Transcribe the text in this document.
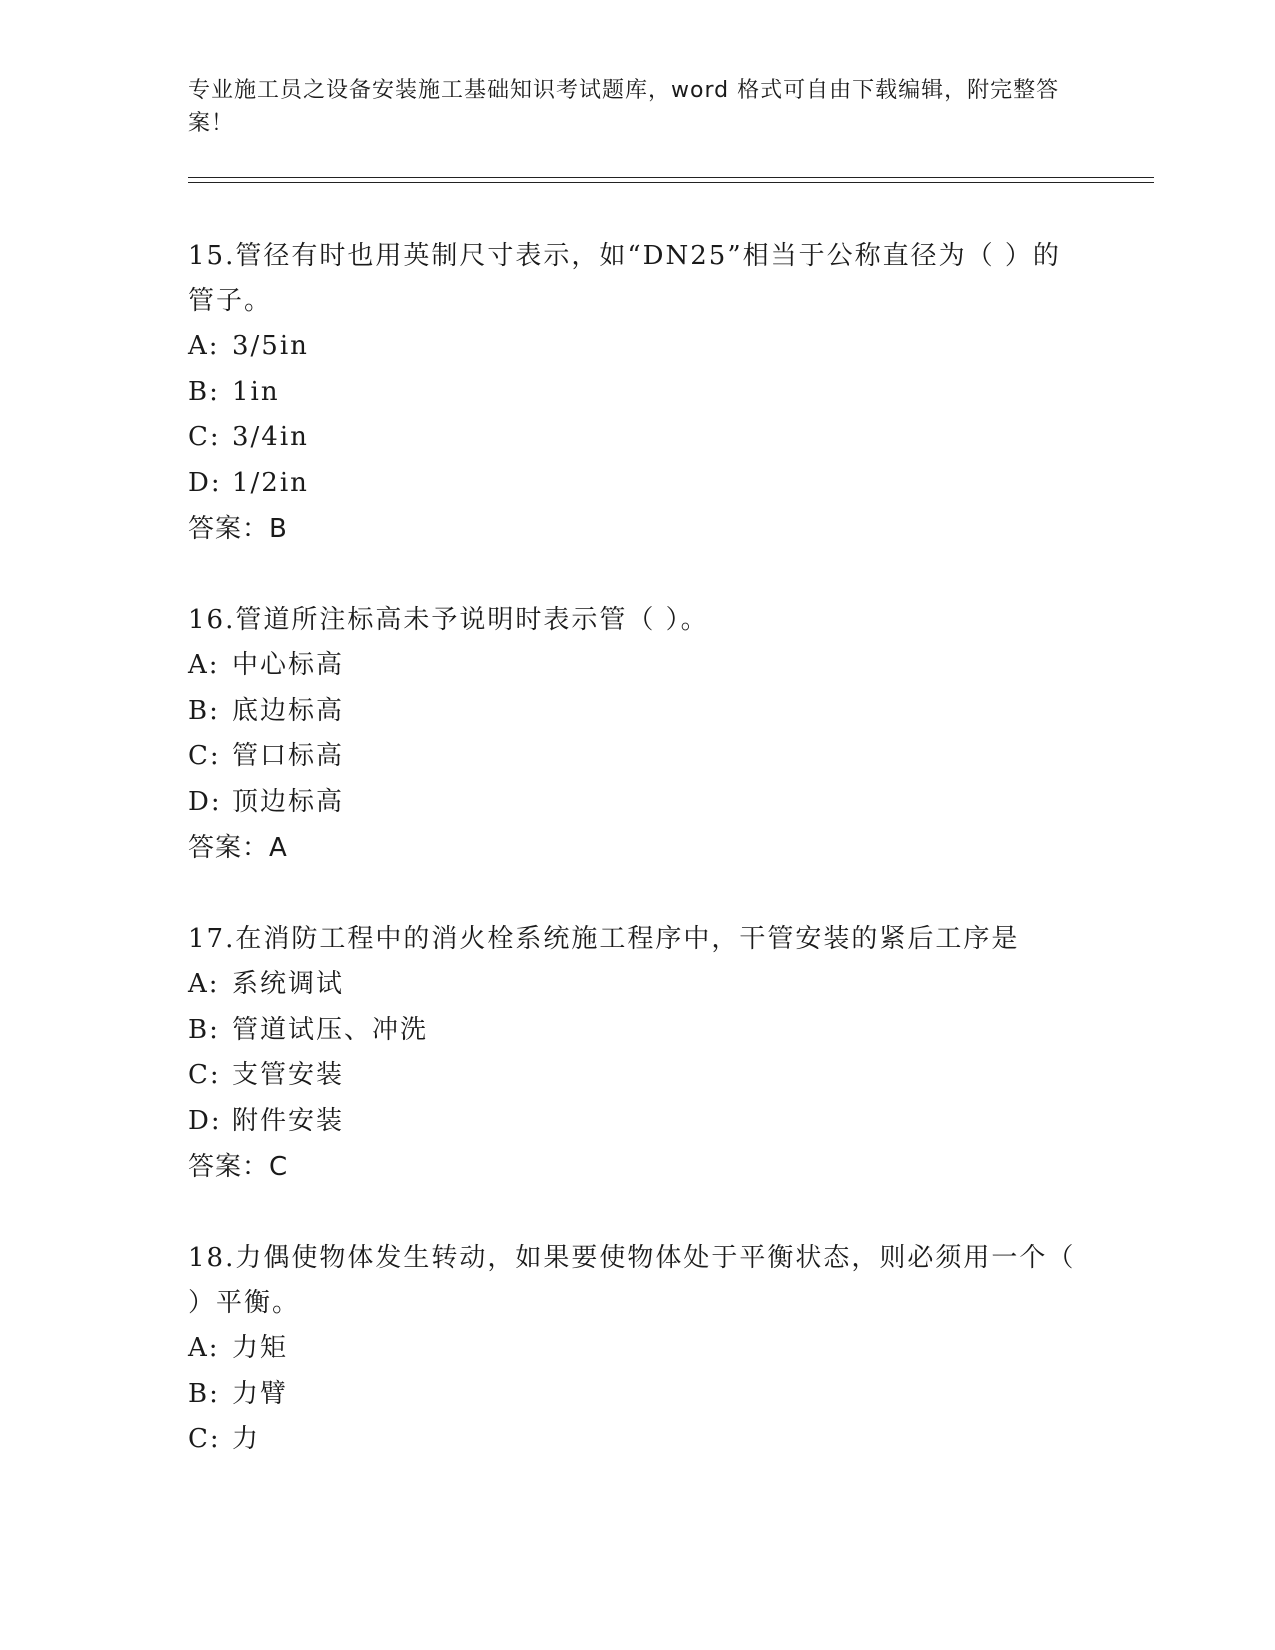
专业施工员之设备安装施工基础知识考试题库，word 格式可自由下载编辑，附完整答案！
15.管径有时也用英制尺寸表示，如“DN25”相当于公称直径为（ ）的管子。
A: 3/5in
B: 1in
C: 3/4in
D: 1/2in
答案：B
16.管道所注标高未予说明时表示管（ ）。
A: 中心标高
B: 底边标高
C: 管口标高
D: 顶边标高
答案：A
17.在消防工程中的消火栓系统施工程序中，干管安装的紧后工序是
A: 系统调试
B: 管道试压、冲洗
C: 支管安装
D: 附件安装
答案：C
18.力偶使物体发生转动，如果要使物体处于平衡状态，则必须用一个（ ）平衡。
A: 力矩
B: 力臂
C: 力
